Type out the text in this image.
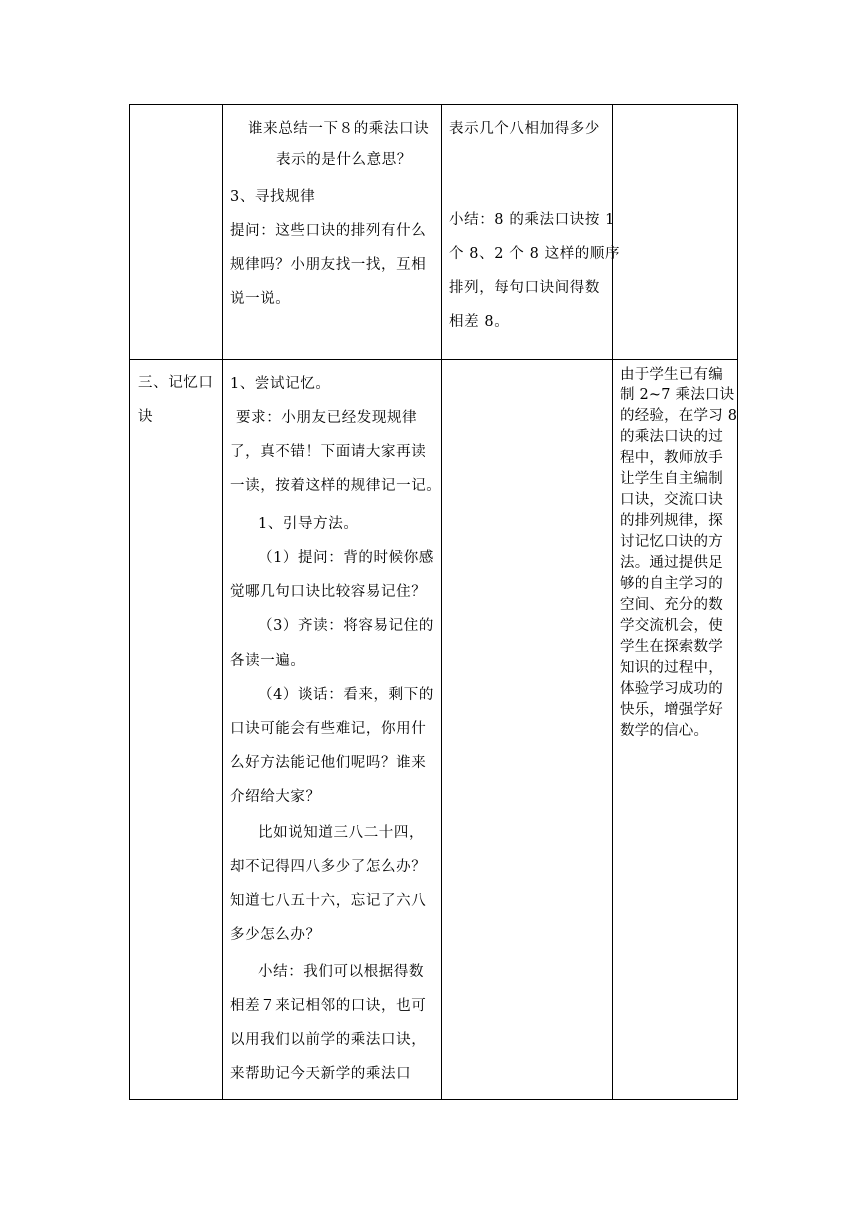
谁来总结一下８的乘法口诀
表示的是什么意思？
3、寻找规律
提问：这些口诀的排列有什么
规律吗？小朋友找一找，互相
说一说。
表示几个八相加得多少
小结：8 的乘法口诀按 1
个 8、2 个 8 这样的顺序
排列，每句口诀间得数
相差 8。
三、记忆口
诀
1、尝试记忆。
要求：小朋友已经发现规律
了，真不错！下面请大家再读
一读，按着这样的规律记一记。
1、引导方法。
（1）提问：背的时候你感
觉哪几句口诀比较容易记住？
（3）齐读：将容易记住的
各读一遍。
（4）谈话：看来，剩下的
口诀可能会有些难记，你用什
么好方法能记他们呢吗？谁来
介绍给大家？
比如说知道三八二十四，
却不记得四八多少了怎么办？
知道七八五十六，忘记了六八
多少怎么办？
小结：我们可以根据得数
相差７来记相邻的口诀，也可
以用我们以前学的乘法口诀，
来帮助记今天新学的乘法口
由于学生已有编
制 2~7 乘法口诀
的经验，在学习 8
的乘法口诀的过
程中，教师放手
让学生自主编制
口诀，交流口诀
的排列规律，探
讨记忆口诀的方
法。通过提供足
够的自主学习的
空间、充分的数
学交流机会，使
学生在探索数学
知识的过程中，
体验学习成功的
快乐，增强学好
数学的信心。
